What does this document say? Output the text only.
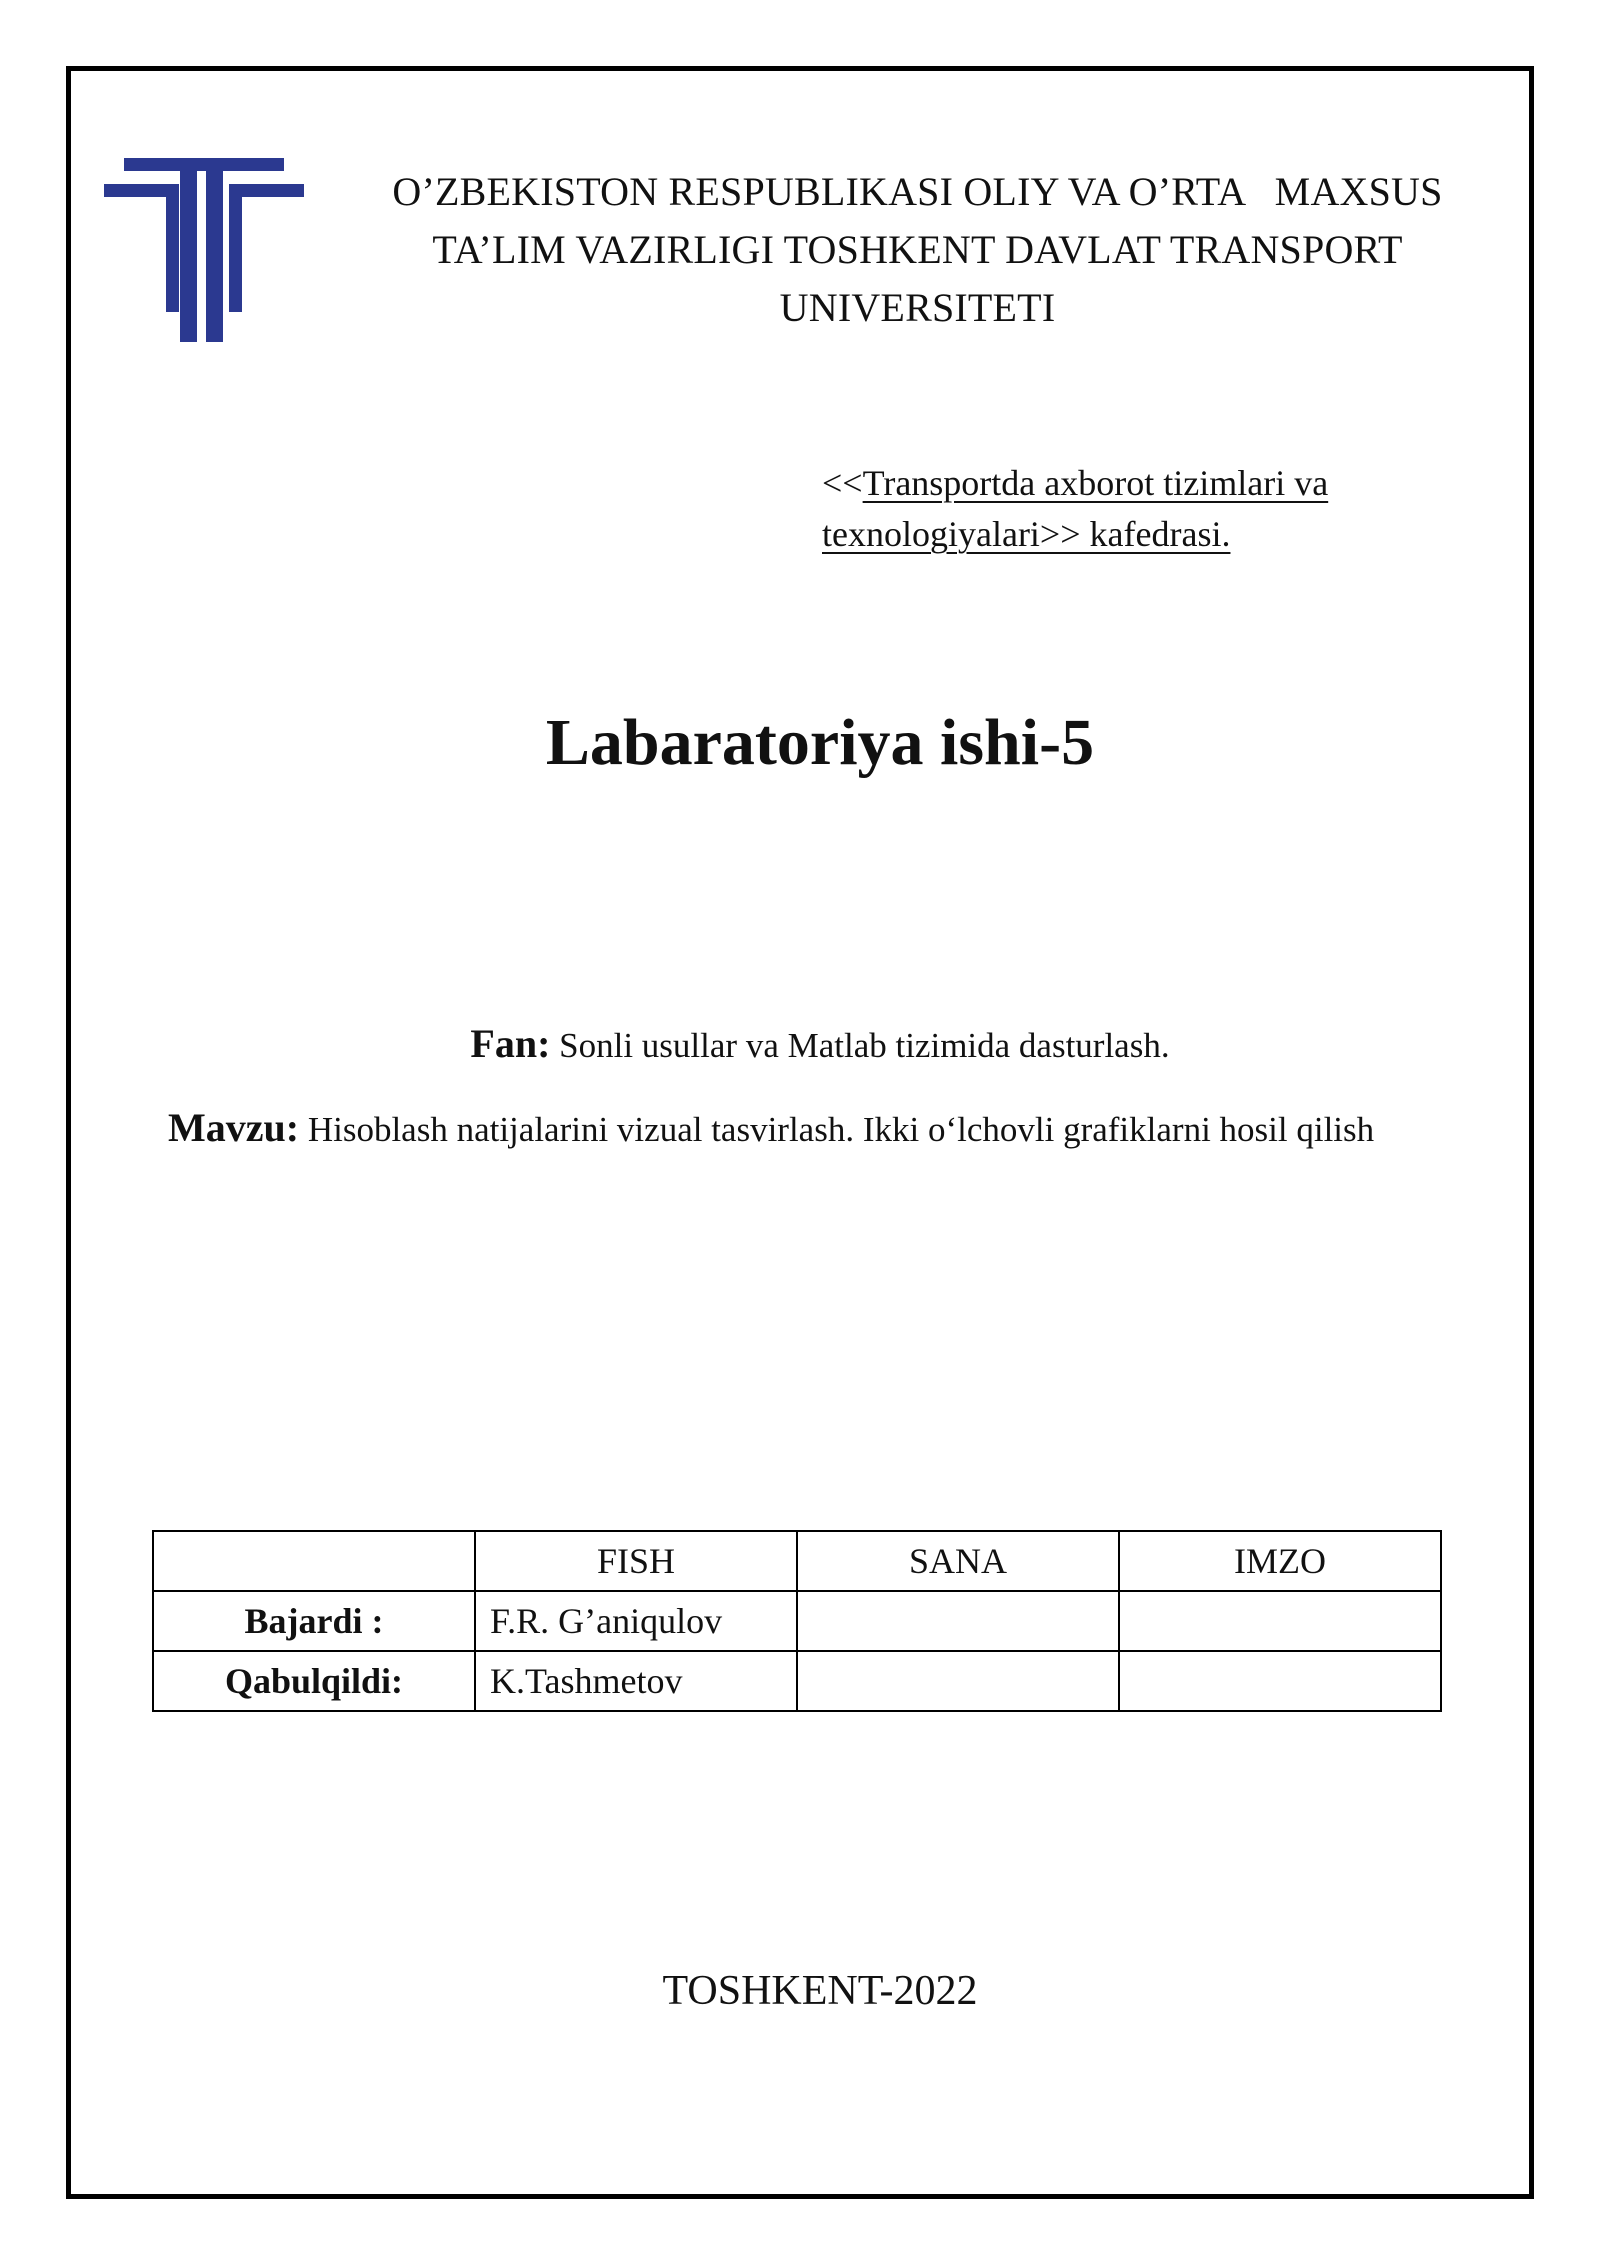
O’ZBEKISTON RESPUBLIKASI OLIY VA O’RTA   MAXSUS
TA’LIM VAZIRLIGI TOSHKENT DAVLAT TRANSPORT
UNIVERSITETI
<<Transportda axborot tizimlari va
texnologiyalari>> kafedrasi.
Labaratoriya ishi-5
Fan: Sonli usullar va Matlab tizimida dasturlash.
Mavzu: Hisoblash natijalarini vizual tasvirlash. Ikki o‘lchovli grafiklarni hosil qilish
	FISH	SANA	IMZO
Bajardi :	F.R. G’aniqulov		
Qabulqildi:	K.Tashmetov		
TOSHKENT-2022
